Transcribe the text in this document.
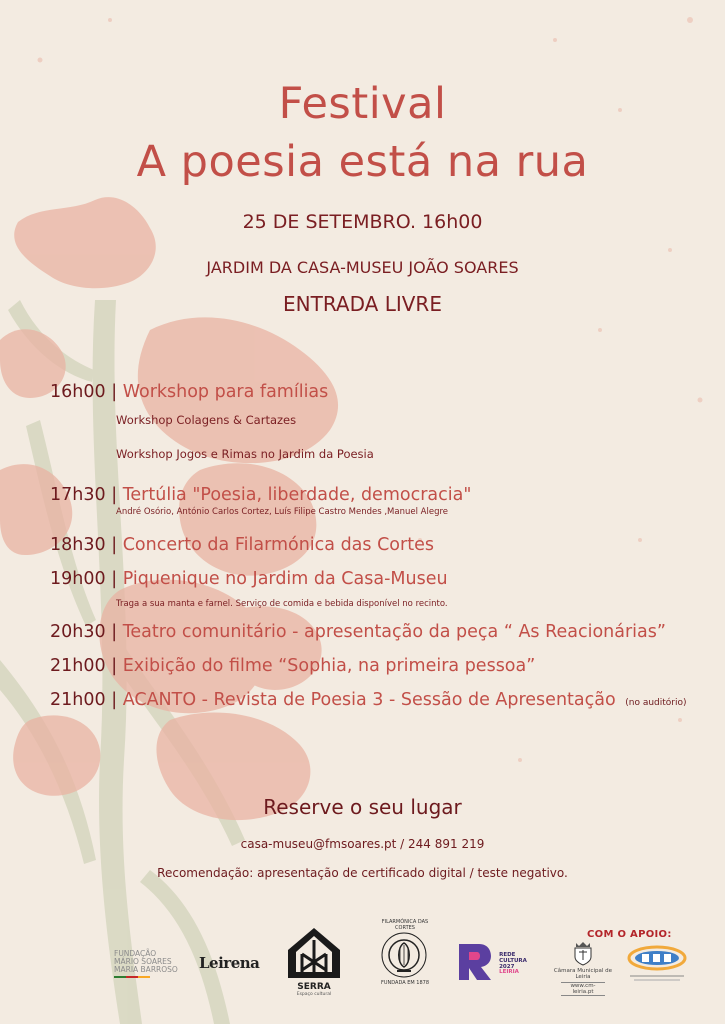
Festival
A poesia está na rua
25 DE SETEMBRO. 16h00
JARDIM DA CASA-MUSEU JOÃO SOARES
ENTRADA LIVRE
16h00 | Workshop para famílias
Workshop Colagens & Cartazes
Workshop Jogos e Rimas no Jardim da Poesia
17h30 | Tertúlia "Poesia, liberdade, democracia"
André Osório, António Carlos Cortez, Luís Filipe Castro Mendes ,Manuel Alegre
18h30 | Concerto da Filarmónica das Cortes
19h00 | Piquenique no Jardim da Casa-Museu
Traga a sua manta e farnel. Serviço de comida e bebida disponível no recinto.
20h30 | Teatro comunitário - apresentação da peça “ As Reacionárias”
21h00 | Exibição do filme “Sophia, na primeira pessoa”
21h00 | ACANTO - Revista de Poesia 3 - Sessão de Apresentação (no auditório)
Reserve o seu lugar
casa-museu@fmsoares.pt / 244 891 219
Recomendação: apresentação de certificado digital / teste negativo.
FUNDAÇÃO
MÁRIO SOARES
MARIA BARROSO	Leirena
SERRA
Espaço cultural
FILARMÓNICA DAS CORTES
FUNDADA EM 1878

REDE
CULTURA
2027
LEIRIA
COM O APOIO:
Câmara Municipal de Leiria
www.cm-leiria.pt
